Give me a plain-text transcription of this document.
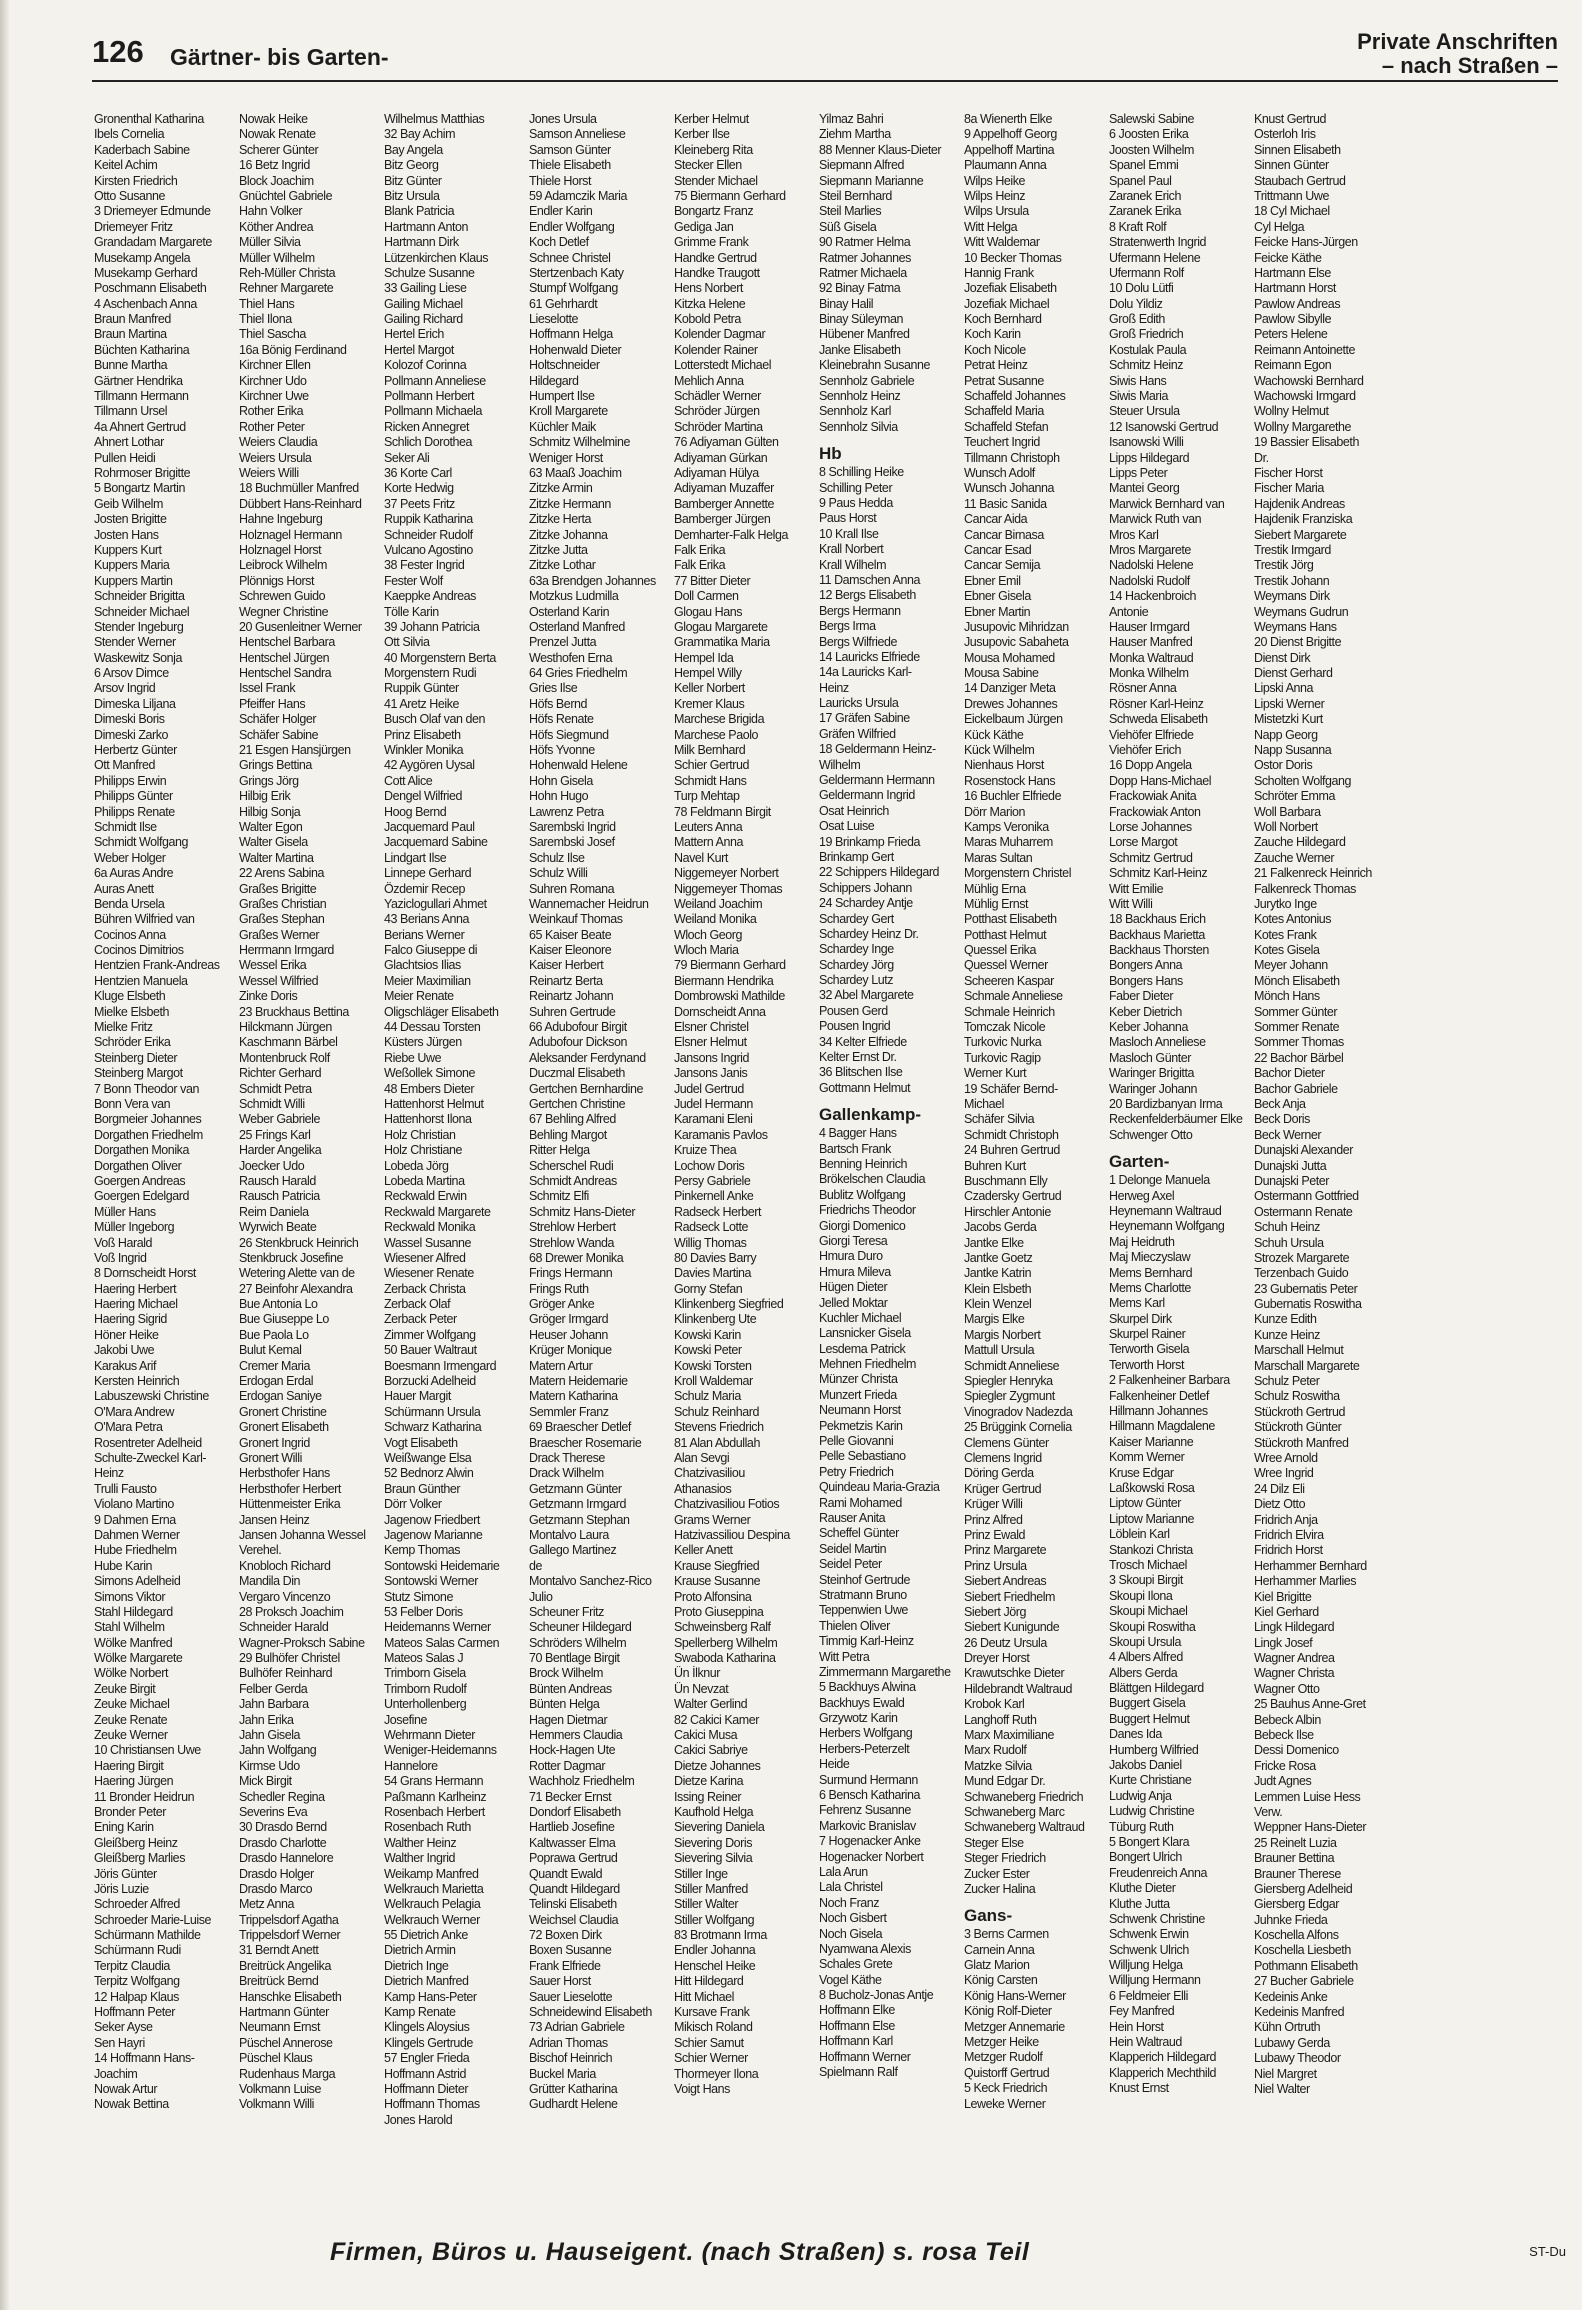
126 Gärtner- bis Garten-
Private Anschriften
– nach Straßen –
Gronenthal Katharina
Ibels Cornelia
Kaderbach Sabine
Keitel Achim
Kirsten Friedrich
Otto Susanne
3 Driemeyer Edmunde
Driemeyer Fritz
Grandadam Margarete
Musekamp Angela
Musekamp Gerhard
Poschmann Elisabeth
4 Aschenbach Anna
Braun Manfred
Braun Martina
Büchten Katharina
Bunne Martha
Gärtner Hendrika
Tillmann Hermann
Tillmann Ursel
4a Ahnert Gertrud
Ahnert Lothar
Pullen Heidi
Rohrmoser Brigitte
5 Bongartz Martin
Geib Wilhelm
Josten Brigitte
Josten Hans
Kuppers Kurt
Kuppers Maria
Kuppers Martin
Schneider Brigitta
Schneider Michael
Stender Ingeburg
Stender Werner
Waskewitz Sonja
6 Arsov Dimce
Arsov Ingrid
Dimeska Liljana
Dimeski Boris
Dimeski Zarko
Herbertz Günter
Ott Manfred
Philipps Erwin
Philipps Günter
Philipps Renate
Schmidt Ilse
Schmidt Wolfgang
Weber Holger
6a Auras Andre
Auras Anett
Benda Ursela
Bühren Wilfried van
Cocinos Anna
Cocinos Dimitrios
Hentzien Frank-Andreas
Hentzien Manuela
Kluge Elsbeth
Mielke Elsbeth
Mielke Fritz
Schröder Erika
Steinberg Dieter
Steinberg Margot
7 Bonn Theodor van
Bonn Vera van
Borgmeier Johannes
Dorgathen Friedhelm
Dorgathen Monika
Dorgathen Oliver
Goergen Andreas
Goergen Edelgard
Müller Hans
Müller Ingeborg
Voß Harald
Voß Ingrid
8 Dornscheidt Horst
Haering Herbert
Haering Michael
Haering Sigrid
Höner Heike
Jakobi Uwe
Karakus Arif
Kersten Heinrich
Labuszewski Christine
O'Mara Andrew
O'Mara Petra
Rosentreter Adelheid
Schulte-Zweckel Karl-
Heinz
Trulli Fausto
Violano Martino
9 Dahmen Erna
Dahmen Werner
Hube Friedhelm
Hube Karin
Simons Adelheid
Simons Viktor
Stahl Hildegard
Stahl Wilhelm
Wölke Manfred
Wölke Margarete
Wölke Norbert
Zeuke Birgit
Zeuke Michael
Zeuke Renate
Zeuke Werner
10 Christiansen Uwe
Haering Birgit
Haering Jürgen
11 Bronder Heidrun
Bronder Peter
Ening Karin
Gleißberg Heinz
Gleißberg Marlies
Jöris Günter
Jöris Luzie
Schroeder Alfred
Schroeder Marie-Luise
Schürmann Mathilde
Schürmann Rudi
Terpitz Claudia
Terpitz Wolfgang
12 Halpap Klaus
Hoffmann Peter
Seker Ayse
Sen Hayri
14 Hoffmann Hans-
Joachim
Nowak Artur
Nowak Bettina
Nowak Heike
Nowak Renate
Scherer Günter
16 Betz Ingrid
Block Joachim
Gnüchtel Gabriele
Hahn Volker
Köther Andrea
Müller Silvia
Müller Wilhelm
Reh-Müller Christa
Rehner Margarete
Thiel Hans
Thiel Ilona
Thiel Sascha
16a Bönig Ferdinand
Kirchner Ellen
Kirchner Udo
Kirchner Uwe
Rother Erika
Rother Peter
Weiers Claudia
Weiers Ursula
Weiers Willi
18 Buchmüller Manfred
Dübbert Hans-Reinhard
Hahne Ingeburg
Holznagel Hermann
Holznagel Horst
Leibrock Wilhelm
Plönnigs Horst
Schrewen Guido
Wegner Christine
20 Gusenleitner Werner
Hentschel Barbara
Hentschel Jürgen
Hentschel Sandra
Issel Frank
Pfeiffer Hans
Schäfer Holger
Schäfer Sabine
21 Esgen Hansjürgen
Grings Bettina
Grings Jörg
Hilbig Erik
Hilbig Sonja
Walter Egon
Walter Gisela
Walter Martina
22 Arens Sabina
Graßes Brigitte
Graßes Christian
Graßes Stephan
Graßes Werner
Herrmann Irmgard
Wessel Erika
Wessel Wilfried
Zinke Doris
23 Bruckhaus Bettina
Hilckmann Jürgen
Kaschmann Bärbel
Montenbruck Rolf
Richter Gerhard
Schmidt Petra
Schmidt Willi
Weber Gabriele
25 Frings Karl
Harder Angelika
Joecker Udo
Rausch Harald
Rausch Patricia
Reim Daniela
Wyrwich Beate
26 Stenkbruck Heinrich
Stenkbruck Josefine
Wetering Alette van de
27 Beinfohr Alexandra
Bue Antonia Lo
Bue Giuseppe Lo
Bue Paola Lo
Bulut Kemal
Cremer Maria
Erdogan Erdal
Erdogan Saniye
Gronert Christine
Gronert Elisabeth
Gronert Ingrid
Gronert Willi
Herbsthofer Hans
Herbsthofer Herbert
Hüttenmeister Erika
Jansen Heinz
Jansen Johanna Wessel
Verehel.
Knobloch Richard
Mandila Din
Vergaro Vincenzo
28 Proksch Joachim
Schneider Harald
Wagner-Proksch Sabine
29 Bulhöfer Christel
Bulhöfer Reinhard
Felber Gerda
Jahn Barbara
Jahn Erika
Jahn Gisela
Jahn Wolfgang
Kirmse Udo
Mick Birgit
Schedler Regina
Severins Eva
30 Drasdo Bernd
Drasdo Charlotte
Drasdo Hannelore
Drasdo Holger
Drasdo Marco
Metz Anna
Trippelsdorf Agatha
Trippelsdorf Werner
31 Berndt Anett
Breitrück Angelika
Breitrück Bernd
Hanschke Elisabeth
Hartmann Günter
Neumann Ernst
Püschel Annerose
Püschel Klaus
Rudenhaus Marga
Volkmann Luise
Volkmann Willi
Wilhelmus Matthias
32 Bay Achim
Bay Angela
Bitz Georg
Bitz Günter
Bitz Ursula
Blank Patricia
Hartmann Anton
Hartmann Dirk
Lützenkirchen Klaus
Schulze Susanne
33 Gailing Liese
Gailing Michael
Gailing Richard
Hertel Erich
Hertel Margot
Kolozof Corinna
Pollmann Anneliese
Pollmann Herbert
Pollmann Michaela
Ricken Annegret
Schlich Dorothea
Seker Ali
36 Korte Carl
Korte Hedwig
37 Peets Fritz
Ruppik Katharina
Schneider Rudolf
Vulcano Agostino
38 Fester Ingrid
Fester Wolf
Kaeppke Andreas
Tölle Karin
39 Johann Patricia
Ott Silvia
40 Morgenstern Berta
Morgenstern Rudi
Ruppik Günter
41 Aretz Heike
Busch Olaf van den
Prinz Elisabeth
Winkler Monika
42 Aygören Uysal
Cott Alice
Dengel Wilfried
Hoog Bernd
Jacquemard Paul
Jacquemard Sabine
Lindgart Ilse
Linnepe Gerhard
Özdemir Recep
Yaziclogullari Ahmet
43 Berians Anna
Berians Werner
Falco Giuseppe di
Glachtsios Ilias
Meier Maximilian
Meier Renate
Oligschläger Elisabeth
44 Dessau Torsten
Küsters Jürgen
Riebe Uwe
Weßollek Simone
48 Embers Dieter
Hattenhorst Helmut
Hattenhorst Ilona
Holz Christian
Holz Christiane
Lobeda Jörg
Lobeda Martina
Reckwald Erwin
Reckwald Margarete
Reckwald Monika
Wassel Susanne
Wiesener Alfred
Wiesener Renate
Zerback Christa
Zerback Olaf
Zerback Peter
Zimmer Wolfgang
50 Bauer Waltraut
Boesmann Irmengard
Borzucki Adelheid
Hauer Margit
Schürmann Ursula
Schwarz Katharina
Vogt Elisabeth
Weißwange Elsa
52 Bednorz Alwin
Braun Günther
Dörr Volker
Jagenow Friedbert
Jagenow Marianne
Kemp Thomas
Sontowski Heidemarie
Sontowski Werner
Stutz Simone
53 Felber Doris
Heidemanns Werner
Mateos Salas Carmen
Mateos Salas J
Trimborn Gisela
Trimborn Rudolf
Unterhollenberg
Josefine
Wehrmann Dieter
Weniger-Heidemanns
Hannelore
54 Grans Hermann
Paßmann Karlheinz
Rosenbach Herbert
Rosenbach Ruth
Walther Heinz
Walther Ingrid
Weikamp Manfred
Welkrauch Marietta
Welkrauch Pelagia
Welkrauch Werner
55 Dietrich Anke
Dietrich Armin
Dietrich Inge
Dietrich Manfred
Kamp Hans-Peter
Kamp Renate
Klingels Aloysius
Klingels Gertrude
57 Engler Frieda
Hoffmann Astrid
Hoffmann Dieter
Hoffmann Thomas
Jones Harold
Jones Ursula
Samson Anneliese
Samson Günter
Thiele Elisabeth
Thiele Horst
59 Adamczik Maria
Endler Karin
Endler Wolfgang
Koch Detlef
Schnee Christel
Stertzenbach Katy
Stumpf Wolfgang
61 Gehrhardt
Lieselotte
Hoffmann Helga
Hohenwald Dieter
Holtschneider
Hildegard
Humpert Ilse
Kroll Margarete
Küchler Maik
Schmitz Wilhelmine
Weniger Horst
63 Maaß Joachim
Zitzke Armin
Zitzke Hermann
Zitzke Herta
Zitzke Johanna
Zitzke Jutta
Zitzke Lothar
63a Brendgen Johannes
Motzkus Ludmilla
Osterland Karin
Osterland Manfred
Prenzel Jutta
Westhofen Erna
64 Gries Friedhelm
Gries Ilse
Höfs Bernd
Höfs Renate
Höfs Siegmund
Höfs Yvonne
Hohenwald Helene
Hohn Gisela
Hohn Hugo
Lawrenz Petra
Sarembski Ingrid
Sarembski Josef
Schulz Ilse
Schulz Willi
Suhren Romana
Wannemacher Heidrun
Weinkauf Thomas
65 Kaiser Beate
Kaiser Eleonore
Kaiser Herbert
Reinartz Berta
Reinartz Johann
Suhren Gertrude
66 Adubofour Birgit
Adubofour Dickson
Aleksander Ferdynand
Duczmal Elisabeth
Gertchen Bernhardine
Gertchen Christine
67 Behling Alfred
Behling Margot
Ritter Helga
Scherschel Rudi
Schmidt Andreas
Schmitz Elfi
Schmitz Hans-Dieter
Strehlow Herbert
Strehlow Wanda
68 Drewer Monika
Frings Hermann
Frings Ruth
Gröger Anke
Gröger Irmgard
Heuser Johann
Krüger Monique
Matern Artur
Matern Heidemarie
Matern Katharina
Semmler Franz
69 Braescher Detlef
Braescher Rosemarie
Drack Therese
Drack Wilhelm
Getzmann Günter
Getzmann Irmgard
Getzmann Stephan
Montalvo Laura
Gallego Martinez
de
Montalvo Sanchez-Rico
Julio
Scheuner Fritz
Scheuner Hildegard
Schröders Wilhelm
70 Bentlage Birgit
Brock Wilhelm
Bünten Andreas
Bünten Helga
Hagen Dietmar
Hemmers Claudia
Hock-Hagen Ute
Rotter Dagmar
Wachholz Friedhelm
71 Becker Ernst
Dondorf Elisabeth
Hartlieb Josefine
Kaltwasser Elma
Poprawa Gertrud
Quandt Ewald
Quandt Hildegard
Telinski Elisabeth
Weichsel Claudia
72 Boxen Dirk
Boxen Susanne
Frank Elfriede
Sauer Horst
Sauer Lieselotte
Schneidewind Elisabeth
73 Adrian Gabriele
Adrian Thomas
Bischof Heinrich
Buckel Maria
Grütter Katharina
Gudhardt Helene
Kerber Helmut
Kerber Ilse
Kleineberg Rita
Stecker Ellen
Stender Michael
75 Biermann Gerhard
Bongartz Franz
Gediga Jan
Grimme Frank
Handke Gertrud
Handke Traugott
Hens Norbert
Kitzka Helene
Kobold Petra
Kolender Dagmar
Kolender Rainer
Lotterstedt Michael
Mehlich Anna
Schädler Werner
Schröder Jürgen
Schröder Martina
76 Adiyaman Gülten
Adiyaman Gürkan
Adiyaman Hülya
Adiyaman Muzaffer
Bamberger Annette
Bamberger Jürgen
Demharter-Falk Helga
Falk Erika
Falk Erika
77 Bitter Dieter
Doll Carmen
Glogau Hans
Glogau Margarete
Grammatika Maria
Hempel Ida
Hempel Willy
Keller Norbert
Kremer Klaus
Marchese Brigida
Marchese Paolo
Milk Bernhard
Schier Gertrud
Schmidt Hans
Turp Mehtap
78 Feldmann Birgit
Leuters Anna
Mattern Anna
Navel Kurt
Niggemeyer Norbert
Niggemeyer Thomas
Weiland Joachim
Weiland Monika
Wloch Georg
Wloch Maria
79 Biermann Gerhard
Biermann Hendrika
Dombrowski Mathilde
Dornscheidt Anna
Elsner Christel
Elsner Helmut
Jansons Ingrid
Jansons Janis
Judel Gertrud
Judel Hermann
Karamani Eleni
Karamanis Pavlos
Kruize Thea
Lochow Doris
Persy Gabriele
Pinkernell Anke
Radseck Herbert
Radseck Lotte
Willig Thomas
80 Davies Barry
Davies Martina
Gorny Stefan
Klinkenberg Siegfried
Klinkenberg Ute
Kowski Karin
Kowski Peter
Kowski Torsten
Kroll Waldemar
Schulz Maria
Schulz Reinhard
Stevens Friedrich
81 Alan Abdullah
Alan Sevgi
Chatzivasiliou
Athanasios
Chatzivasiliou Fotios
Grams Werner
Hatzivassiliou Despina
Keller Anett
Krause Siegfried
Krause Susanne
Proto Alfonsina
Proto Giuseppina
Schweinsberg Ralf
Spellerberg Wilhelm
Swaboda Katharina
Ün İlknur
Ün Nevzat
Walter Gerlind
82 Cakici Kamer
Cakici Musa
Cakici Sabriye
Dietze Johannes
Dietze Karina
Issing Reiner
Kaufhold Helga
Sievering Daniela
Sievering Doris
Sievering Silvia
Stiller Inge
Stiller Manfred
Stiller Walter
Stiller Wolfgang
83 Brotmann Irma
Endler Johanna
Henschel Heike
Hitt Hildegard
Hitt Michael
Kursave Frank
Mikisch Roland
Schier Samut
Schier Werner
Thormeyer Ilona
Voigt Hans
Yilmaz Bahri
Ziehm Martha
88 Menner Klaus-Dieter
Siepmann Alfred
Siepmann Marianne
Steil Bernhard
Steil Marlies
Süß Gisela
90 Ratmer Helma
Ratmer Johannes
Ratmer Michaela
92 Binay Fatma
Binay Halil
Binay Süleyman
Hübener Manfred
Janke Elisabeth
Kleinebrahn Susanne
Sennholz Gabriele
Sennholz Heinz
Sennholz Karl
Sennholz Silvia
Hb
8 Schilling Heike
Schilling Peter
9 Paus Hedda
Paus Horst
10 Krall Ilse
Krall Norbert
Krall Wilhelm
11 Damschen Anna
12 Bergs Elisabeth
Bergs Hermann
Bergs Irma
Bergs Wilfriede
14 Lauricks Elfriede
14a Lauricks Karl-
Heinz
Lauricks Ursula
17 Gräfen Sabine
Gräfen Wilfried
18 Geldermann Heinz-
Wilhelm
Geldermann Hermann
Geldermann Ingrid
Osat Heinrich
Osat Luise
19 Brinkamp Frieda
Brinkamp Gert
22 Schippers Hildegard
Schippers Johann
24 Schardey Antje
Schardey Gert
Schardey Heinz Dr.
Schardey Inge
Schardey Jörg
Schardey Lutz
32 Abel Margarete
Pousen Gerd
Pousen Ingrid
34 Kelter Elfriede
Kelter Ernst Dr.
36 Blitschen Ilse
Gottmann Helmut
Gallenkamp-
4 Bagger Hans
Bartsch Frank
Benning Heinrich
Brökelschen Claudia
Bublitz Wolfgang
Friedrichs Theodor
Giorgi Domenico
Giorgi Teresa
Hmura Duro
Hmura Mileva
Hügen Dieter
Jelled Moktar
Kuchler Michael
Lansnicker Gisela
Lesdema Patrick
Mehnen Friedhelm
Münzer Christa
Munzert Frieda
Neumann Horst
Pekmetzis Karin
Pelle Giovanni
Pelle Sebastiano
Petry Friedrich
Quindeau Maria-Grazia
Rami Mohamed
Rauser Anita
Scheffel Günter
Seidel Martin
Seidel Peter
Steinhof Gertrude
Stratmann Bruno
Teppenwien Uwe
Thielen Oliver
Timmig Karl-Heinz
Witt Petra
Zimmermann Margarethe
5 Backhuys Alwina
Backhuys Ewald
Grzywotz Karin
Herbers Wolfgang
Herbers-Peterzelt
Heide
Surmund Hermann
6 Bensch Katharina
Fehrenz Susanne
Markovic Branislav
7 Hogenacker Anke
Hogenacker Norbert
Lala Arun
Lala Christel
Noch Franz
Noch Gisbert
Noch Gisela
Nyamwana Alexis
Schales Grete
Vogel Käthe
8 Bucholz-Jonas Antje
Hoffmann Elke
Hoffmann Else
Hoffmann Karl
Hoffmann Werner
Spielmann Ralf
8a Wienerth Elke
9 Appelhoff Georg
Appelhoff Martina
Plaumann Anna
Wilps Heike
Wilps Heinz
Wilps Ursula
Witt Helga
Witt Waldemar
10 Becker Thomas
Hannig Frank
Jozefiak Elisabeth
Jozefiak Michael
Koch Bernhard
Koch Karin
Koch Nicole
Petrat Heinz
Petrat Susanne
Schaffeld Johannes
Schaffeld Maria
Schaffeld Stefan
Teuchert Ingrid
Tillmann Christoph
Wunsch Adolf
Wunsch Johanna
11 Basic Sanida
Cancar Aida
Cancar Birnasa
Cancar Esad
Cancar Semija
Ebner Emil
Ebner Gisela
Ebner Martin
Jusupovic Mihridzan
Jusupovic Sabaheta
Mousa Mohamed
Mousa Sabine
14 Danziger Meta
Drewes Johannes
Eickelbaum Jürgen
Kück Käthe
Kück Wilhelm
Nienhaus Horst
Rosenstock Hans
16 Buchler Elfriede
Dörr Marion
Kamps Veronika
Maras Muharrem
Maras Sultan
Morgenstern Christel
Mühlig Erna
Mühlig Ernst
Potthast Elisabeth
Potthast Helmut
Quessel Erika
Quessel Werner
Scheeren Kaspar
Schmale Anneliese
Schmale Heinrich
Tomczak Nicole
Turkovic Nurka
Turkovic Ragip
Werner Kurt
19 Schäfer Bernd-
Michael
Schäfer Silvia
Schmidt Christoph
24 Buhren Gertrud
Buhren Kurt
Buschmann Elly
Czadersky Gertrud
Hirschler Antonie
Jacobs Gerda
Jantke Elke
Jantke Goetz
Jantke Katrin
Klein Elsbeth
Klein Wenzel
Margis Elke
Margis Norbert
Mattull Ursula
Schmidt Anneliese
Spiegler Henryka
Spiegler Zygmunt
Vinogradov Nadezda
25 Brüggink Cornelia
Clemens Günter
Clemens Ingrid
Döring Gerda
Krüger Gertrud
Krüger Willi
Prinz Alfred
Prinz Ewald
Prinz Margarete
Prinz Ursula
Siebert Andreas
Siebert Friedhelm
Siebert Jörg
Siebert Kunigunde
26 Deutz Ursula
Dreyer Horst
Krawutschke Dieter
Hildebrandt Waltraud
Krobok Karl
Langhoff Ruth
Marx Maximiliane
Marx Rudolf
Matzke Silvia
Mund Edgar Dr.
Schwaneberg Friedrich
Schwaneberg Marc
Schwaneberg Waltraud
Steger Else
Steger Friedrich
Zucker Ester
Zucker Halina
Gans-
3 Berns Carmen
Carnein Anna
Glatz Marion
König Carsten
König Hans-Werner
König Rolf-Dieter
Metzger Annemarie
Metzger Heike
Metzger Rudolf
Quistorff Gertrud
5 Keck Friedrich
Leweke Werner
Salewski Sabine
6 Joosten Erika
Joosten Wilhelm
Spanel Emmi
Spanel Paul
Zaranek Erich
Zaranek Erika
8 Kraft Rolf
Stratenwerth Ingrid
Ufermann Helene
Ufermann Rolf
10 Dolu Lütfi
Dolu Yildiz
Groß Edith
Groß Friedrich
Kostulak Paula
Schmitz Heinz
Siwis Hans
Siwis Maria
Steuer Ursula
12 Isanowski Gertrud
Isanowski Willi
Lipps Hildegard
Lipps Peter
Mantei Georg
Marwick Bernhard van
Marwick Ruth van
Mros Karl
Mros Margarete
Nadolski Helene
Nadolski Rudolf
14 Hackenbroich
Antonie
Hauser Irmgard
Hauser Manfred
Monka Waltraud
Monka Wilhelm
Rösner Anna
Rösner Karl-Heinz
Schweda Elisabeth
Viehöfer Elfriede
Viehöfer Erich
16 Dopp Angela
Dopp Hans-Michael
Frackowiak Anita
Frackowiak Anton
Lorse Johannes
Lorse Margot
Schmitz Gertrud
Schmitz Karl-Heinz
Witt Emilie
Witt Willi
18 Backhaus Erich
Backhaus Marietta
Backhaus Thorsten
Bongers Anna
Bongers Hans
Faber Dieter
Keber Dietrich
Keber Johanna
Masloch Anneliese
Masloch Günter
Waringer Brigitta
Waringer Johann
20 Bardizbanyan Irma
Reckenfelderbäumer Elke
Schwenger Otto
Garten-
1 Delonge Manuela
Herweg Axel
Heynemann Waltraud
Heynemann Wolfgang
Maj Heidruth
Maj Mieczyslaw
Mems Bernhard
Mems Charlotte
Mems Karl
Skurpel Dirk
Skurpel Rainer
Terworth Gisela
Terworth Horst
2 Falkenheiner Barbara
Falkenheiner Detlef
Hillmann Johannes
Hillmann Magdalene
Kaiser Marianne
Komm Werner
Kruse Edgar
Laßkowski Rosa
Liptow Günter
Liptow Marianne
Löblein Karl
Stankozi Christa
Trosch Michael
3 Skoupi Birgit
Skoupi Ilona
Skoupi Michael
Skoupi Roswitha
Skoupi Ursula
4 Albers Alfred
Albers Gerda
Blättgen Hildegard
Buggert Gisela
Buggert Helmut
Danes Ida
Humberg Wilfried
Jakobs Daniel
Kurte Christiane
Ludwig Anja
Ludwig Christine
Tüburg Ruth
5 Bongert Klara
Bongert Ulrich
Freudenreich Anna
Kluthe Dieter
Kluthe Jutta
Schwenk Christine
Schwenk Erwin
Schwenk Ulrich
Willjung Helga
Willjung Hermann
6 Feldmeier Elli
Fey Manfred
Hein Horst
Hein Waltraud
Klapperich Hildegard
Klapperich Mechthild
Knust Ernst
Knust Gertrud
Osterloh Iris
Sinnen Elisabeth
Sinnen Günter
Staubach Gertrud
Trittmann Uwe
18 Cyl Michael
Cyl Helga
Feicke Hans-Jürgen
Feicke Käthe
Hartmann Else
Hartmann Horst
Pawlow Andreas
Pawlow Sibylle
Peters Helene
Reimann Antoinette
Reimann Egon
Wachowski Bernhard
Wachowski Irmgard
Wollny Helmut
Wollny Margarethe
19 Bassier Elisabeth
Dr.
Fischer Horst
Fischer Maria
Hajdenik Andreas
Hajdenik Franziska
Siebert Margarete
Trestik Irmgard
Trestik Jörg
Trestik Johann
Weymans Dirk
Weymans Gudrun
Weymans Hans
20 Dienst Brigitte
Dienst Dirk
Dienst Gerhard
Lipski Anna
Lipski Werner
Mistetzki Kurt
Napp Georg
Napp Susanna
Ostor Doris
Scholten Wolfgang
Schröter Emma
Woll Barbara
Woll Norbert
Zauche Hildegard
Zauche Werner
21 Falkenreck Heinrich
Falkenreck Thomas
Jurytko Inge
Kotes Antonius
Kotes Frank
Kotes Gisela
Meyer Johann
Mönch Elisabeth
Mönch Hans
Sommer Günter
Sommer Renate
Sommer Thomas
22 Bachor Bärbel
Bachor Dieter
Bachor Gabriele
Beck Anja
Beck Doris
Beck Werner
Dunajski Alexander
Dunajski Jutta
Dunajski Peter
Ostermann Gottfried
Ostermann Renate
Schuh Heinz
Schuh Ursula
Strozek Margarete
Terzenbach Guido
23 Gubernatis Peter
Gubernatis Roswitha
Kunze Edith
Kunze Heinz
Marschall Helmut
Marschall Margarete
Schulz Peter
Schulz Roswitha
Stückroth Gertrud
Stückroth Günter
Stückroth Manfred
Wree Arnold
Wree Ingrid
24 Dilz Eli
Dietz Otto
Fridrich Anja
Fridrich Elvira
Fridrich Horst
Herhammer Bernhard
Herhammer Marlies
Kiel Brigitte
Kiel Gerhard
Lingk Hildegard
Lingk Josef
Wagner Andrea
Wagner Christa
Wagner Otto
25 Bauhus Anne-Gret
Bebeck Albin
Bebeck Ilse
Dessi Domenico
Fricke Rosa
Judt Agnes
Lemmen Luise Hess
Verw.
Weppner Hans-Dieter
25 Reinelt Luzia
Brauner Bettina
Brauner Therese
Giersberg Adelheid
Giersberg Edgar
Juhnke Frieda
Koschella Alfons
Koschella Liesbeth
Pothmann Elisabeth
27 Bucher Gabriele
Kedeinis Anke
Kedeinis Manfred
Kühn Ortruth
Lubawy Gerda
Lubawy Theodor
Niel Margret
Niel Walter
Firmen, Büros u. Hauseigent. (nach Straßen) s. rosa Teil	ST-Du
